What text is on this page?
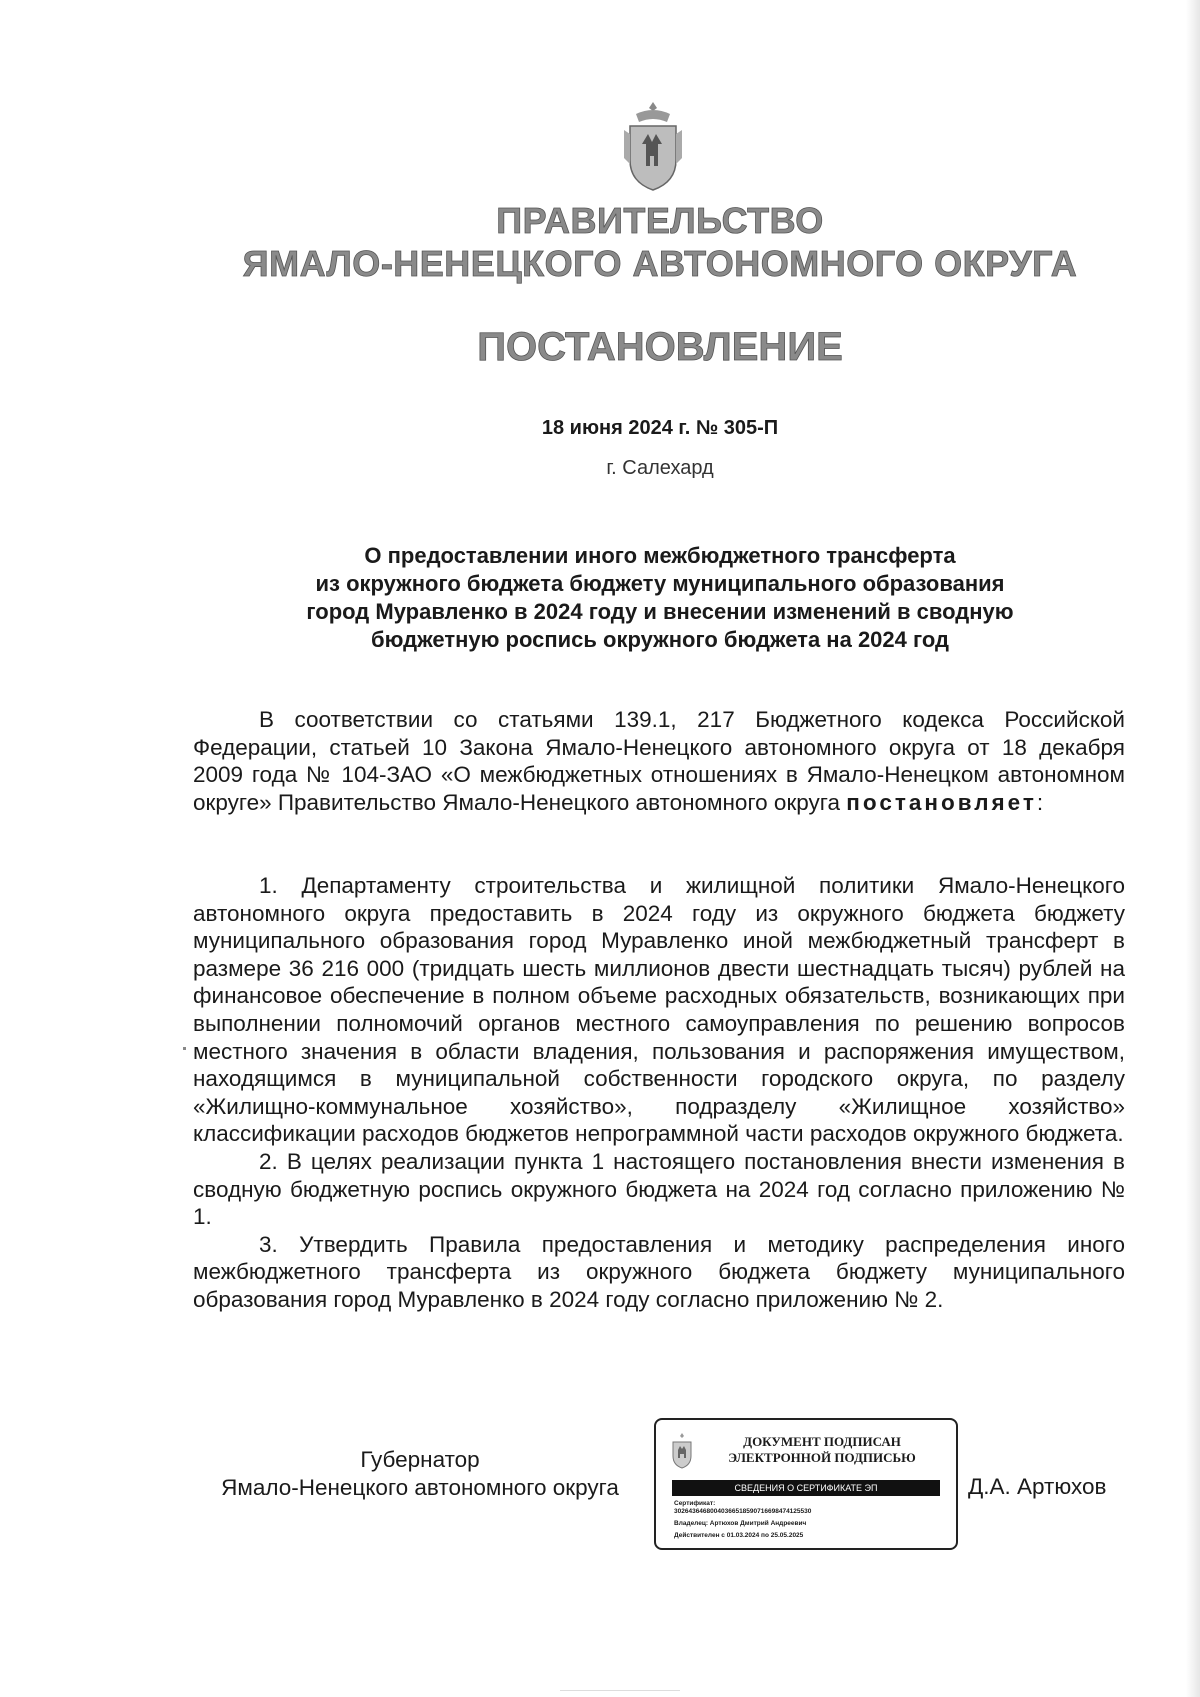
ПРАВИТЕЛЬСТВО
ЯМАЛО-НЕНЕЦКОГО АВТОНОМНОГО ОКРУГА
ПОСТАНОВЛЕНИЕ
18 июня 2024 г. № 305-П
г. Салехард
О предоставлении иного межбюджетного трансферта
из окружного бюджета бюджету муниципального образования
город Муравленко в 2024 году и внесении изменений в сводную
бюджетную роспись окружного бюджета на 2024 год

В соответствии со статьями 139.1, 217 Бюджетного кодекса Российской Федерации, статьей 10 Закона Ямало-Ненецкого автономного округа от 18 декабря 2009 года № 104-ЗАО «О межбюджетных отношениях в Ямало-Ненецком автономном округе» Правительство Ямало-Ненецкого автономного округа постановляет:

1. Департаменту строительства и жилищной политики Ямало-Ненецкого автономного округа предоставить в 2024 году из окружного бюджета бюджету муниципального образования город Муравленко иной межбюджетный трансферт в размере 36 216 000 (тридцать шесть миллионов двести шестнадцать тысяч) рублей на финансовое обеспечение в полном объеме расходных обязательств, возникающих при выполнении полномочий органов местного самоуправления по решению вопросов местного значения в области владения, пользования и распоряжения имуществом, находящимся в муниципальной собственности городского округа, по разделу «Жилищно-коммунальное хозяйство», подразделу «Жилищное хозяйство» классификации расходов бюджетов непрограммной части расходов окружного бюджета.

2. В целях реализации пункта 1 настоящего постановления внести изменения в сводную бюджетную роспись окружного бюджета на 2024 год согласно приложению № 1.

3. Утвердить Правила предоставления и методику распределения иного межбюджетного трансферта из окружного бюджета бюджету муниципального образования город Муравленко в 2024 году согласно приложению № 2.

Губернатор
Ямало-Ненецкого автономного округа
ДОКУМЕНТ ПОДПИСАН
ЭЛЕКТРОННОЙ ПОДПИСЬЮ
СВЕДЕНИЯ О СЕРТИФИКАТЕ ЭП
Сертификат:
30264364680040366518590716698474125530
Владелец: Артюхов Дмитрий Андреевич
Действителен с 01.03.2024 по 25.05.2025
Д.А. Артюхов
